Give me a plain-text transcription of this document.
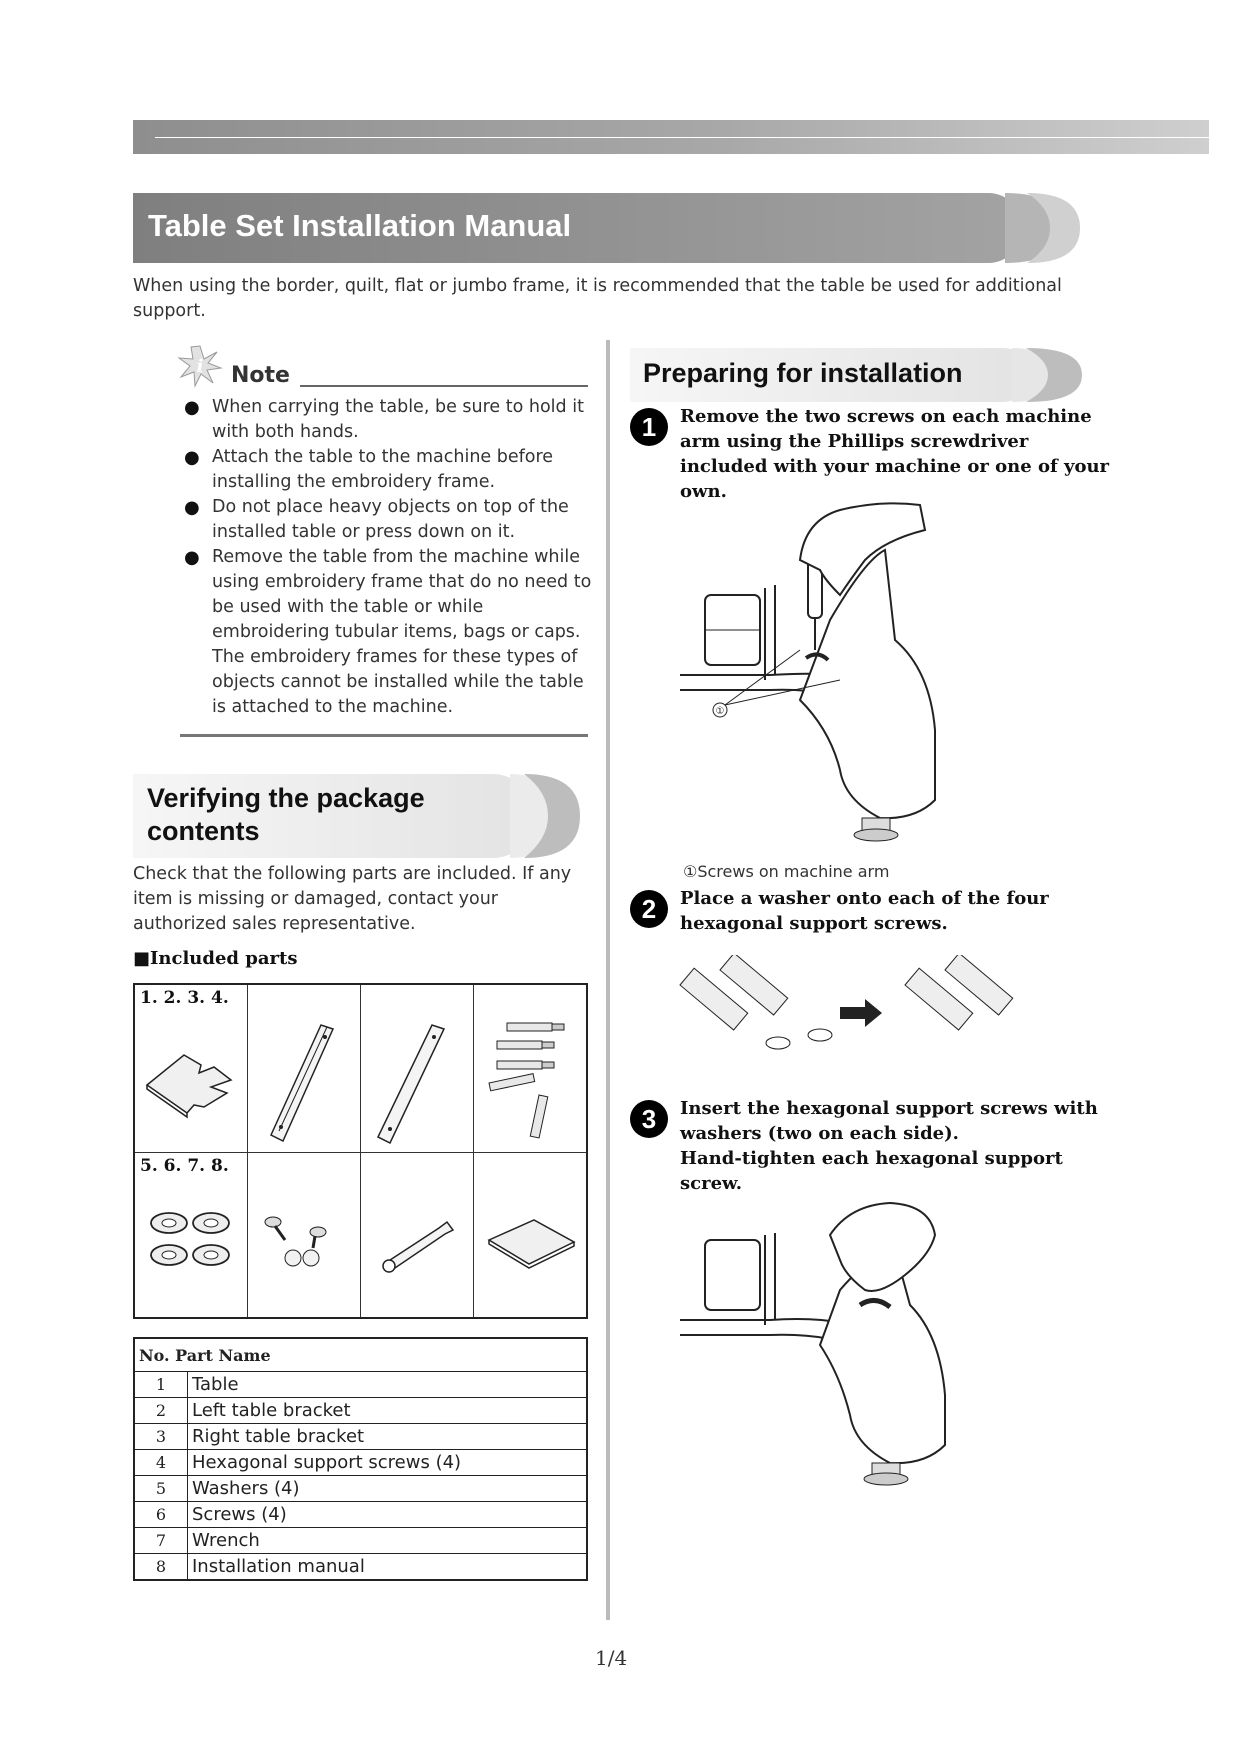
Table Set Installation Manual
When using the border, quilt, flat or jumbo frame, it is recommended that the table be used for additional support.
i Note
● When carrying the table, be sure to hold it with both hands.
● Attach the table to the machine before installing the embroidery frame.
● Do not place heavy objects on top of the installed table or press down on it.
● Remove the table from the machine while using embroidery frame that do no need to be used with the table or while embroidering tubular items, bags or caps. The embroidery frames for these types of objects cannot be installed while the table is attached to the machine.
Verifying the package contents
Check that the following parts are included. If any item is missing or damaged, contact your authorized sales representative.
■Included parts
1. 2. 3. 4.
5. 6. 7. 8.
No. Part Name	
1	Table
2	Left table bracket
3	Right table bracket
4	Hexagonal support screws (4)
5	Washers (4)
6	Screws (4)
7	Wrench
8	Installation manual
Preparing for installation
1	Remove the two screws on each machine arm using the Phillips screwdriver included with your machine or one of your own.
①
①Screws on machine arm
2	Place a washer onto each of the four hexagonal support screws.
3	Insert the hexagonal support screws with washers (two on each side).
Hand-tighten each hexagonal support screw.
1/4
